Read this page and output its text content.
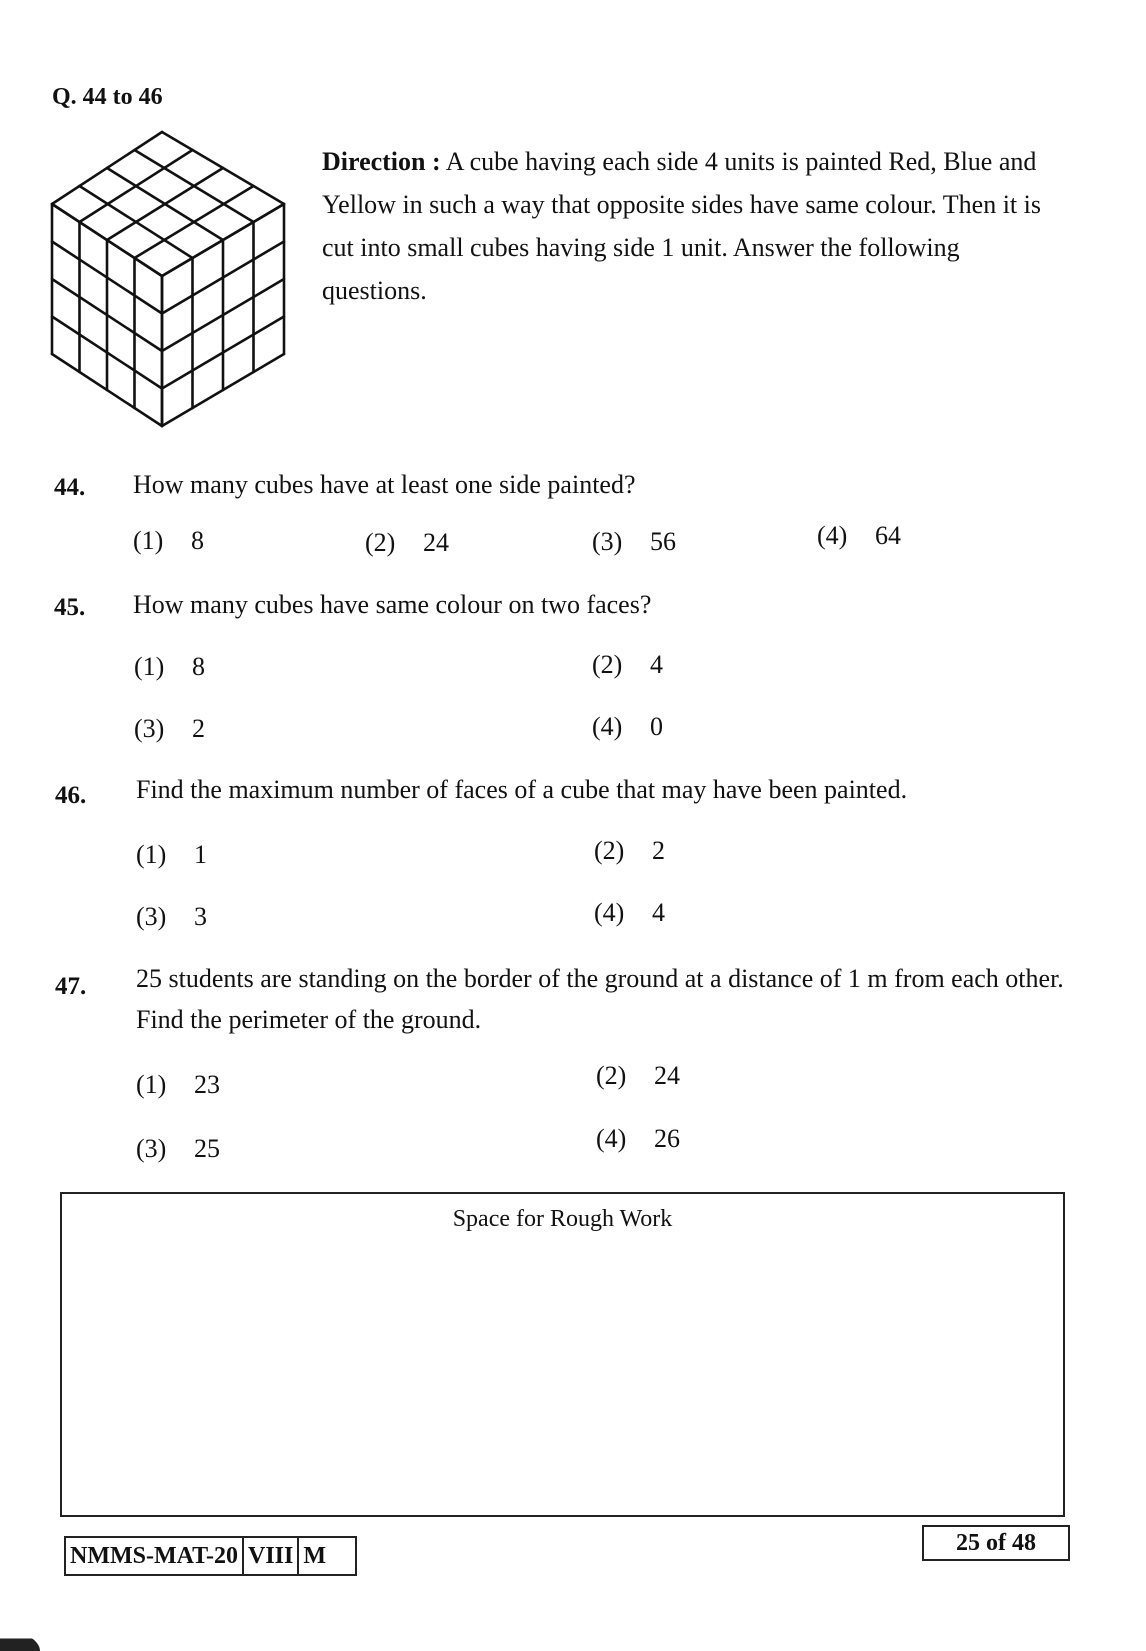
Q. 44 to 46
Direction : A cube having each side 4 units is painted Red, Blue and Yellow in such a way that opposite sides have same colour. Then it is cut into small cubes having side 1 unit. Answer the following questions.
44. How many cubes have at least one side painted?
(1) 8	(2) 24	(3) 56	(4) 64
45. How many cubes have same colour on two faces?
(1) 8	(2) 4
(3) 2	(4) 0
46. Find the maximum number of faces of a cube that may have been painted.
(1) 1	(2) 2
(3) 3	(4) 4
47. 25 students are standing on the border of the ground at a distance of 1 m from each other.
Find the perimeter of the ground.
(1) 23	(2) 24
(3) 25	(4) 26
Space for Rough Work
NMMS-MAT-20 VIII M	25 of 48
